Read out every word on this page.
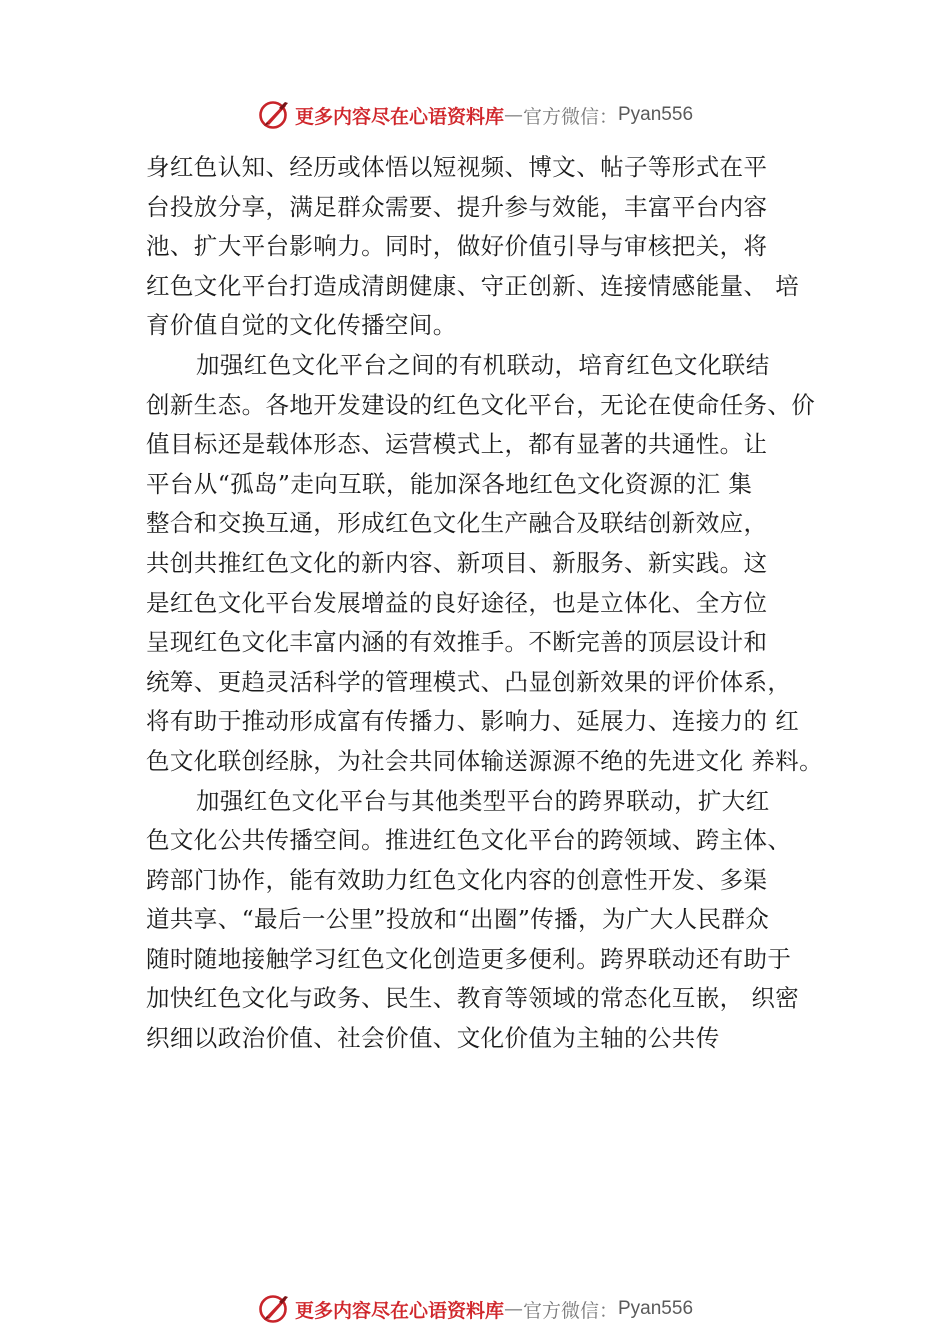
更多内容尽在心语资料库 — 官方微信： Pyan556
身红色认知、经历或体悟以短视频、博文、帖子等形式在平
台投放分享，满足群众需要、提升参与效能，丰富平台内容
池、扩大平台影响力。同时，做好价值引导与审核把关，将
红色文化平台打造成清朗健康、守正创新、连接情感能量、 培
育价值自觉的文化传播空间。
加强红色文化平台之间的有机联动，培育红色文化联结
创新生态。各地开发建设的红色文化平台，无论在使命任务、价
值目标还是载体形态、运营模式上，都有显著的共通性。让
平台从“孤岛”走向互联，能加深各地红色文化资源的汇 集
整合和交换互通，形成红色文化生产融合及联结创新效应，
共创共推红色文化的新内容、新项目、新服务、新实践。这
是红色文化平台发展增益的良好途径，也是立体化、全方位
呈现红色文化丰富内涵的有效推手。不断完善的顶层设计和
统筹、更趋灵活科学的管理模式、凸显创新效果的评价体系，
将有助于推动形成富有传播力、影响力、延展力、连接力的 红
色文化联创经脉，为社会共同体输送源源不绝的先进文化 养料。
加强红色文化平台与其他类型平台的跨界联动，扩大红
色文化公共传播空间。推进红色文化平台的跨领域、跨主体、
跨部门协作，能有效助力红色文化内容的创意性开发、多渠
道共享、“最后一公里”投放和“出圈”传播，为广大人民群众
随时随地接触学习红色文化创造更多便利。跨界联动还有助于
加快红色文化与政务、民生、教育等领域的常态化互嵌， 织密
织细以政治价值、社会价值、文化价值为主轴的公共传
更多内容尽在心语资料库 — 官方微信： Pyan556
